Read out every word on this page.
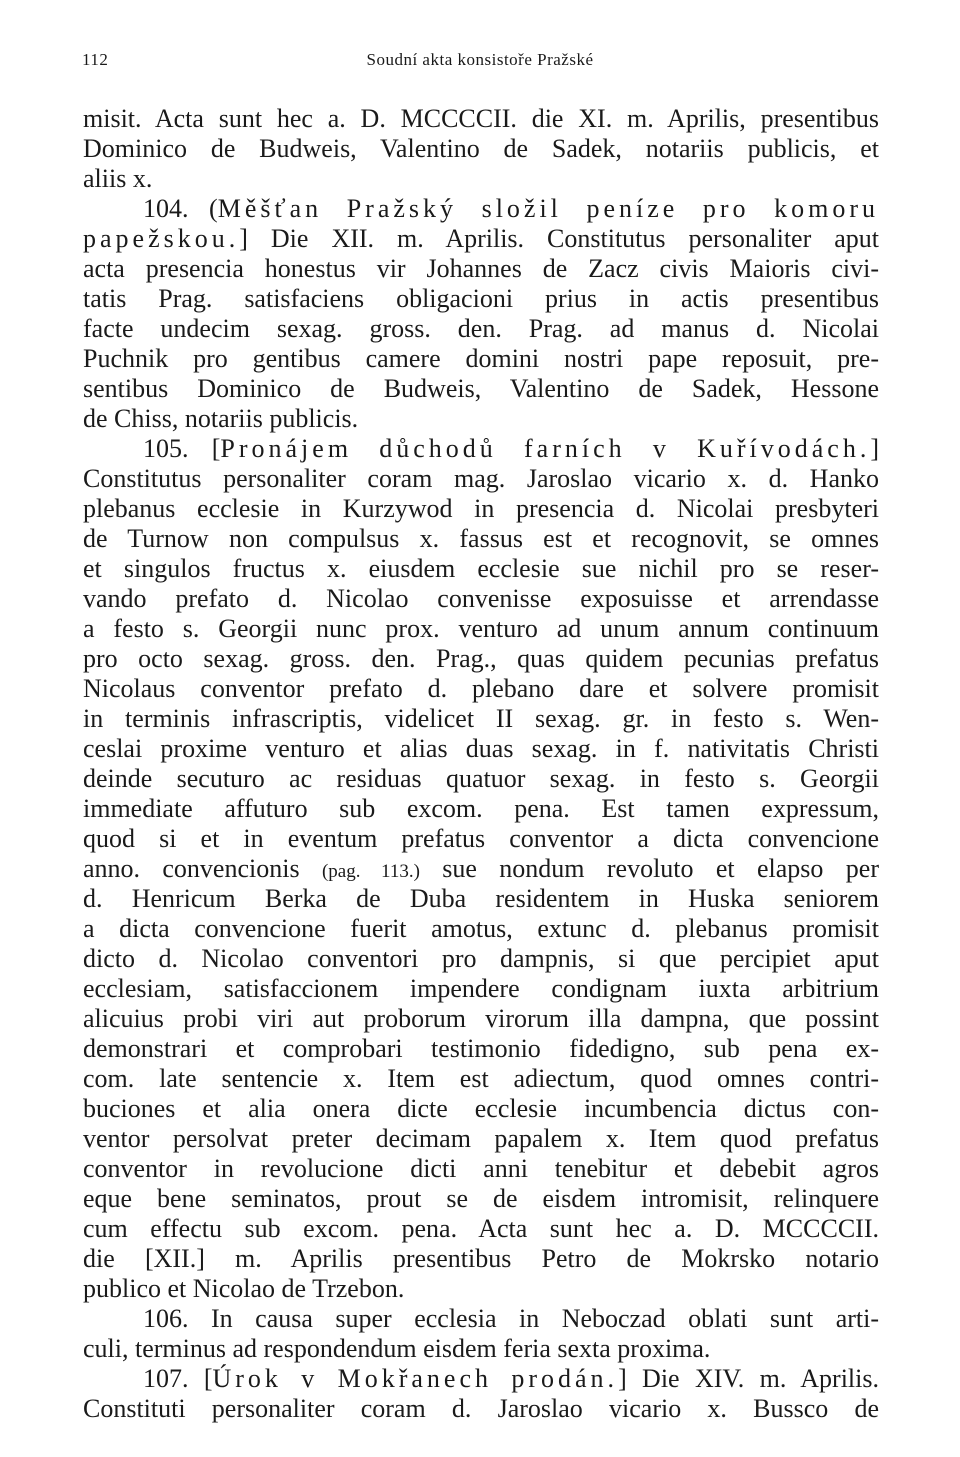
112	Soudní akta konsistoře Pražské
misit. Acta sunt hec a. D. MCCCCII. die XI. m. Aprilis, presentibus
Dominico de Budweis, Valentino de Sadek, notariis publicis, et
aliis x.
104. (Měšťan Pražský složil peníze pro komoru
papežskou.] Die XII. m. Aprilis. Constitutus personaliter aput
acta presencia honestus vir Johannes de Zacz civis Maioris civi-
tatis Prag. satisfaciens obligacioni prius in actis presentibus
facte undecim sexag. gross. den. Prag. ad manus d. Nicolai
Puchnik pro gentibus camere domini nostri pape reposuit, pre-
sentibus Dominico de Budweis, Valentino de Sadek, Hessone
de Chiss, notariis publicis.
105. [Pronájem důchodů farních v Kuřívodách.]
Constitutus personaliter coram mag. Jaroslao vicario x. d. Hanko
plebanus ecclesie in Kurzywod in presencia d. Nicolai presbyteri
de Turnow non compulsus x. fassus est et recognovit, se omnes
et singulos fructus x. eiusdem ecclesie sue nichil pro se reser-
vando prefato d. Nicolao convenisse exposuisse et arrendasse
a festo s. Georgii nunc prox. venturo ad unum annum continuum
pro octo sexag. gross. den. Prag., quas quidem pecunias prefatus
Nicolaus conventor prefato d. plebano dare et solvere promisit
in terminis infrascriptis, videlicet II sexag. gr. in festo s. Wen-
ceslai proxime venturo et alias duas sexag. in f. nativitatis Christi
deinde secuturo ac residuas quatuor sexag. in festo s. Georgii
immediate affuturo sub excom. pena. Est tamen expressum,
quod si et in eventum prefatus conventor a dicta convencione
anno. convencionis (pag. 113.) sue nondum revoluto et elapso per
d. Henricum Berka de Duba residentem in Huska seniorem
a dicta convencione fuerit amotus, extunc d. plebanus promisit
dicto d. Nicolao conventori pro dampnis, si que percipiet aput
ecclesiam, satisfaccionem impendere condignam iuxta arbitrium
alicuius probi viri aut proborum virorum illa dampna, que possint
demonstrari et comprobari testimonio fidedigno, sub pena ex-
com. late sentencie x. Item est adiectum, quod omnes contri-
buciones et alia onera dicte ecclesie incumbencia dictus con-
ventor persolvat preter decimam papalem x. Item quod prefatus
conventor in revolucione dicti anni tenebitur et debebit agros
eque bene seminatos, prout se de eisdem intromisit, relinquere
cum effectu sub excom. pena. Acta sunt hec a. D. MCCCCII.
die [XII.] m. Aprilis presentibus Petro de Mokrsko notario
publico et Nicolao de Trzebon.
106. In causa super ecclesia in Neboczad oblati sunt arti-
culi, terminus ad respondendum eisdem feria sexta proxima.
107. [Úrok v Mokřanech prodán.] Die XIV. m. Aprilis.
Constituti personaliter coram d. Jaroslao vicario x. Bussco de
